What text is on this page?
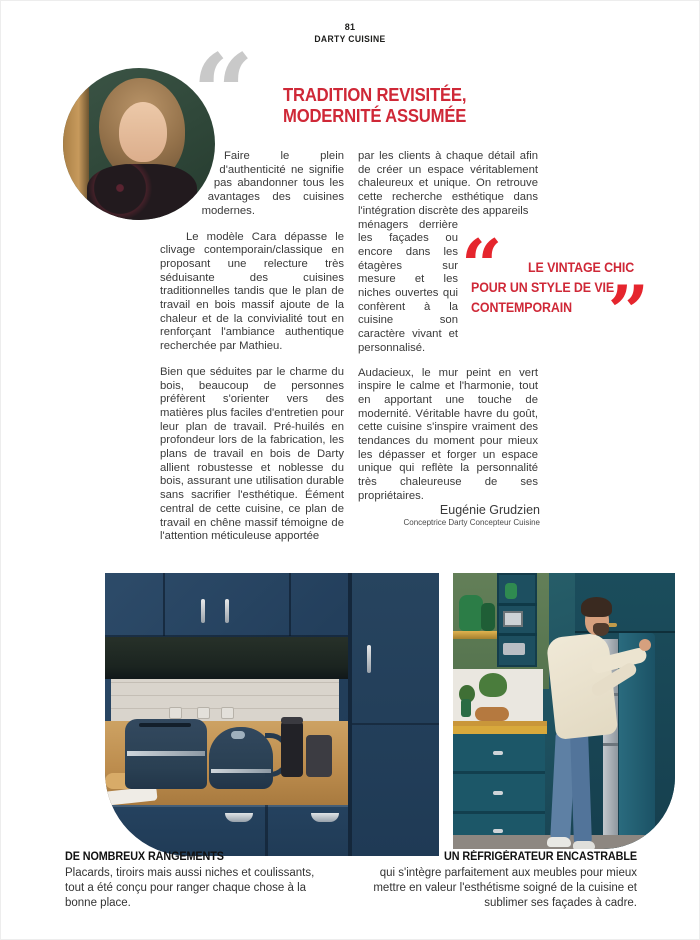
81
DARTY CUISINE
“ TRADITION REVISITÉE,
MODERNITÉ ASSUMÉE

Faire le plein d'authenticité ne signifie pas abandonner tous les avantages des cuisines modernes.

Le modèle Cara dépasse le clivage contemporain/classique en proposant une relecture très séduisante des cuisines traditionnelles tandis que le plan de travail en bois massif ajoute de la chaleur et de la convivialité tout en renforçant l'ambiance authentique recherchée par Mathieu.

Bien que séduites par le charme du bois, beaucoup de personnes préfèrent s'orienter vers des matières plus faciles d'entretien pour leur plan de travail. Pré-huilés en profondeur lors de la fabrication, les plans de travail en bois de Darty allient robustesse et noblesse du bois, assurant une utilisation durable sans sacrifier l'esthétique. Éément central de cette cuisine, ce plan de travail en chêne massif témoigne de l'attention méticuleuse apportée

par les clients à chaque détail afin de créer un espace véritablement chaleureux et unique. On retrouve cette recherche esthétique dans l'intégration discrète des appareils

ménagers derrière les façades ou encore dans les étagères sur mesure et les niches ouvertes qui confèrent à la cuisine son caractère vivant et personnalisé.

Audacieux, le mur peint en vert inspire le calme et l'harmonie, tout en apportant une touche de modernité. Véritable havre du goût, cette cuisine s'inspire vraiment des tendances du moment pour mieux les dépasser et forger un espace unique qui reflète la personnalité très chaleureuse de ses propriétaires.

“ LE VINTAGE CHIC
POUR UN STYLE DE VIE
CONTEMPORAIN ”
Eugénie Grudzien
Conceptrice Darty Concepteur Cuisine
DE NOMBREUX RANGEMENTS
Placards, tiroirs mais aussi niches et coulissants, tout a été conçu pour ranger chaque chose à la bonne place.
UN RÉFRIGÉRATEUR ENCASTRABLE
qui s'intègre parfaitement aux meubles pour mieux mettre en valeur l'esthétisme soigné de la cuisine et sublimer ses façades à cadre.
